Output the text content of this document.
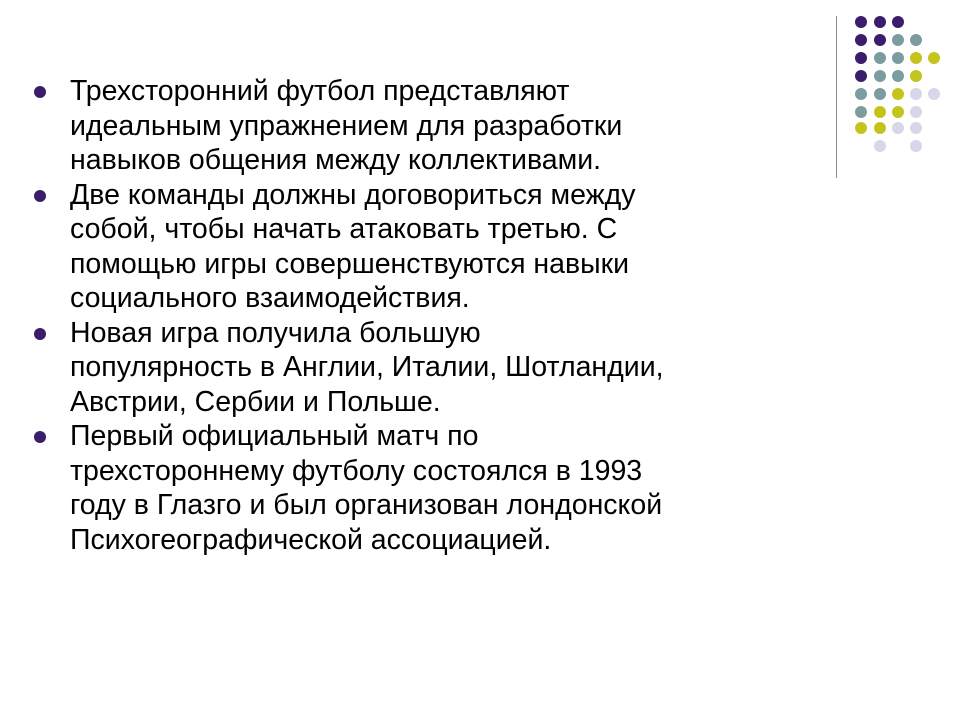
Трехсторонний футбол представляют
идеальным упражнением для разработки
навыков общения между коллективами.
Две команды должны договориться между
собой, чтобы начать атаковать третью. С
помощью игры совершенствуются навыки
социального взаимодействия.
Новая игра получила большую
популярность в Англии, Италии, Шотландии,
Австрии, Сербии и Польше.
Первый официальный матч по
трехстороннему футболу состоялся в 1993
году в Глазго и был организован лондонской
Психогеографической ассоциацией.
